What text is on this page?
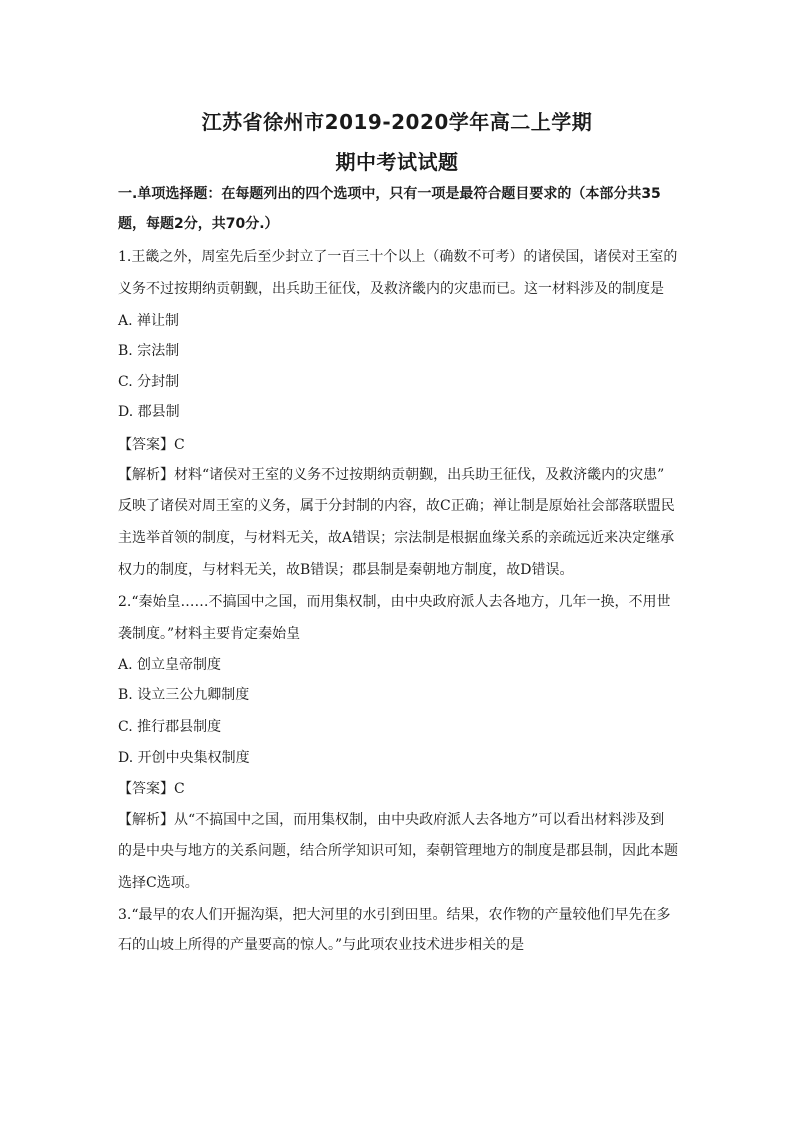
江苏省徐州市2019-2020学年高二上学期
期中考试试题
一.单项选择题：在每题列出的四个选项中，只有一项是最符合题目要求的（本部分共35
题，每题2分，共70分.）
1.王畿之外，周室先后至少封立了一百三十个以上（确数不可考）的诸侯国，诸侯对王室的
义务不过按期纳贡朝觐，出兵助王征伐，及救济畿内的灾患而已。这一材料涉及的制度是
A. 禅让制
B. 宗法制
C. 分封制
D. 郡县制
【答案】C
【解析】材料“诸侯对王室的义务不过按期纳贡朝觐，出兵助王征伐，及救济畿内的灾患”
反映了诸侯对周王室的义务，属于分封制的内容，故C正确；禅让制是原始社会部落联盟民
主选举首领的制度，与材料无关，故A错误；宗法制是根据血缘关系的亲疏远近来决定继承
权力的制度，与材料无关，故B错误；郡县制是秦朝地方制度，故D错误。
2.“秦始皇……不搞国中之国，而用集权制，由中央政府派人去各地方，几年一换，不用世
袭制度。”材料主要肯定秦始皇
A. 创立皇帝制度
B. 设立三公九卿制度
C. 推行郡县制度
D. 开创中央集权制度
【答案】C
【解析】从“不搞国中之国，而用集权制，由中央政府派人去各地方”可以看出材料涉及到
的是中央与地方的关系问题，结合所学知识可知，秦朝管理地方的制度是郡县制，因此本题
选择C选项。
3.“最早的农人们开掘沟渠，把大河里的水引到田里。结果，农作物的产量较他们早先在多
石的山坡上所得的产量要高的惊人。”与此项农业技术进步相关的是
